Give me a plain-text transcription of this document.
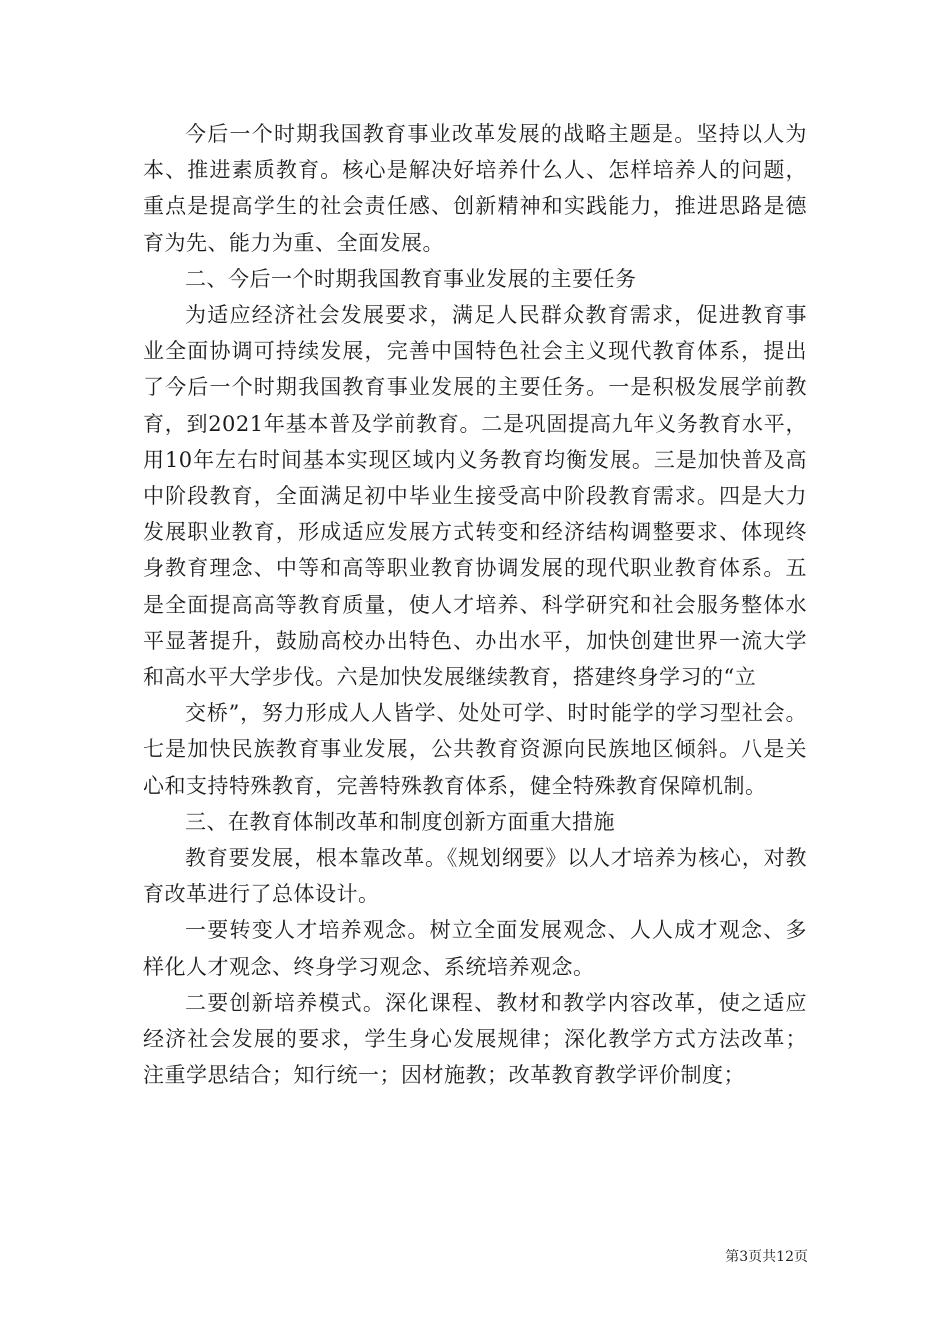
今后一个时期我国教育事业改革发展的战略主题是。坚持以人为本、推进素质教育。核心是解决好培养什么人、怎样培养人的问题，重点是提高学生的社会责任感、创新精神和实践能力，推进思路是德育为先、能力为重、全面发展。

二、今后一个时期我国教育事业发展的主要任务

为适应经济社会发展要求，满足人民群众教育需求，促进教育事业全面协调可持续发展，完善中国特色社会主义现代教育体系，提出了今后一个时期我国教育事业发展的主要任务。一是积极发展学前教育，到2021年基本普及学前教育。二是巩固提高九年义务教育水平，用10年左右时间基本实现区域内义务教育均衡发展。三是加快普及高中阶段教育，全面满足初中毕业生接受高中阶段教育需求。四是大力发展职业教育，形成适应发展方式转变和经济结构调整要求、体现终身教育理念、中等和高等职业教育协调发展的现代职业教育体系。五是全面提高高等教育质量，使人才培养、科学研究和社会服务整体水平显著提升，鼓励高校办出特色、办出水平，加快创建世界一流大学和高水平大学步伐。六是加快发展继续教育，搭建终身学习的“立

交桥”，努力形成人人皆学、处处可学、时时能学的学习型社会。七是加快民族教育事业发展，公共教育资源向民族地区倾斜。八是关心和支持特殊教育，完善特殊教育体系，健全特殊教育保障机制。

三、在教育体制改革和制度创新方面重大措施

教育要发展，根本靠改革。《规划纲要》以人才培养为核心，对教育改革进行了总体设计。

一要转变人才培养观念。树立全面发展观念、人人成才观念、多样化人才观念、终身学习观念、系统培养观念。

二要创新培养模式。深化课程、教材和教学内容改革，使之适应经济社会发展的要求，学生身心发展规律；深化教学方式方法改革；注重学思结合；知行统一；因材施教；改革教育教学评价制度；

第3页共12页
